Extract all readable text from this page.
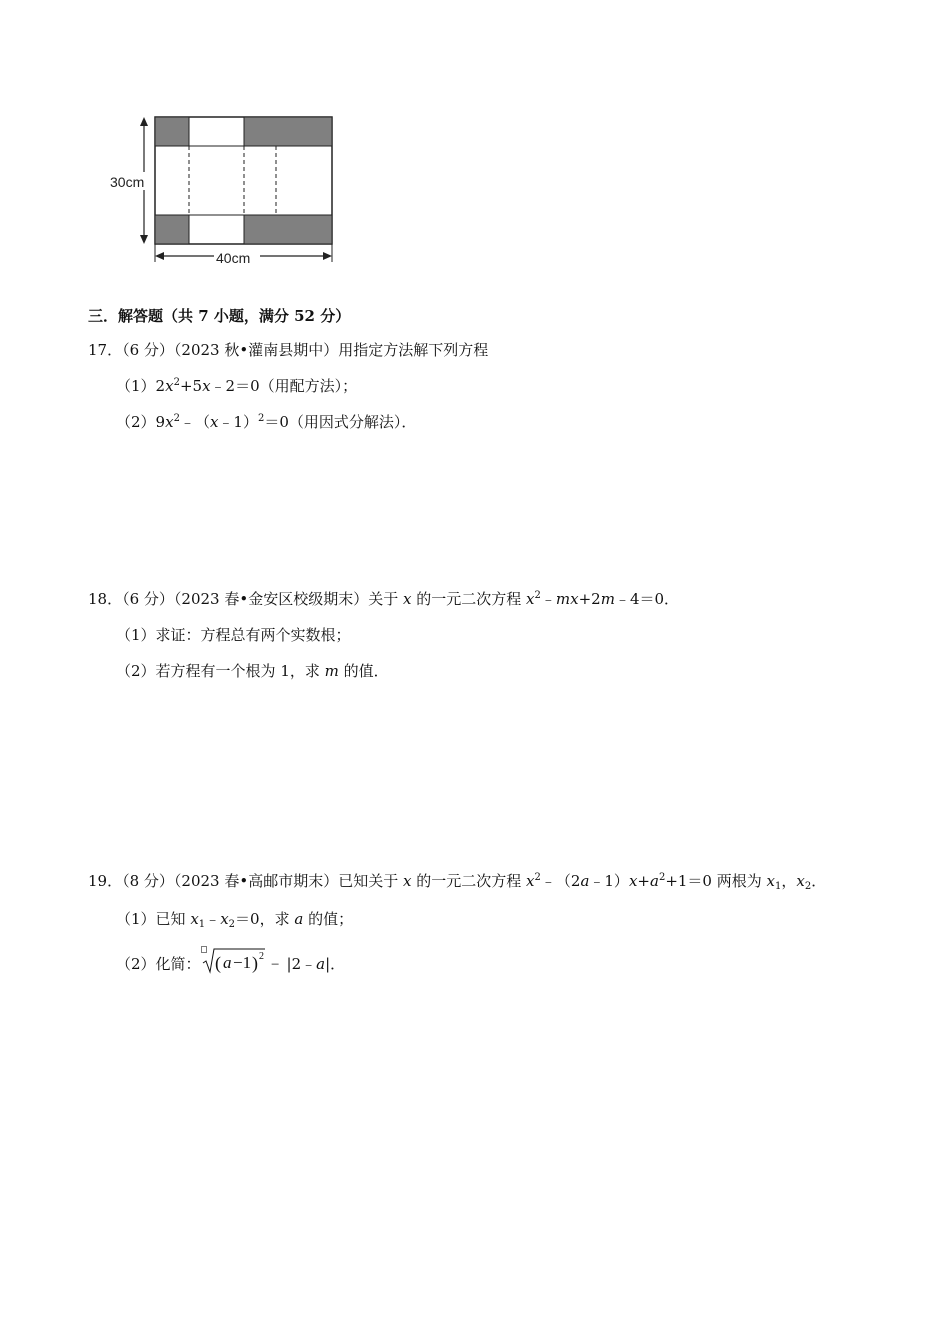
30cm
40cm
三．解答题（共 7 小题，满分 52 分）
17．（6 分）（2023 秋•灌南县期中）用指定方法解下列方程
$(1)2x^2+5x﹣2=0$（用配方法）；
$(2)9x^2﹣(x﹣1)^2=0$（用因式分解法）．
18．（6 分）（2023 春•金安区校级期末）关于 x 的一元二次方程 $x^2﹣mx+2m﹣4=0$．
（1）求证：方程总有两个实数根；
（2）若方程有一个根为 1，求 m 的值．
19．（8 分）（2023 春•高邮市期末）已知关于 x 的一元二次方程 $x^2﹣(2a﹣1)x+a^2+1=0$ 两根为 $x_1$，$x_2$．
（1）已知 $x_1﹣x_2=0$，求 a 的值；
（2）化简： ( a −1 ) 2
− |2﹣a|．
